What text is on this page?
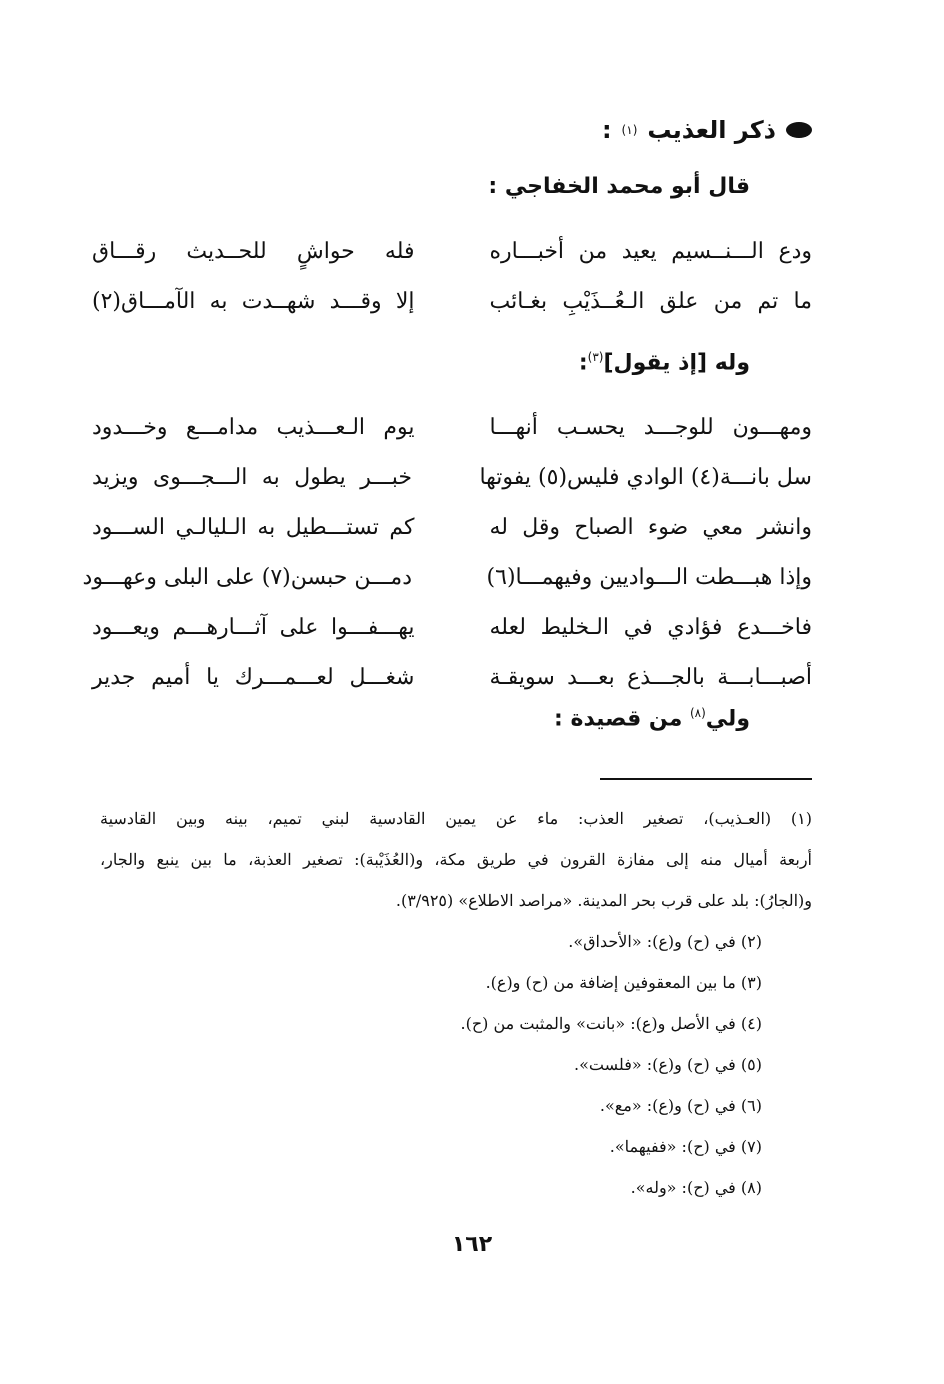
ذكر العذيب
(١)
:
قال أبو محمد الخفاجي :
ودع الـــنــسيم يعيد من أخبـــاره
فله حواشٍ للحــديث رقـــاق
ما تم من علق الـعُــذَيْبِ بغـائب
إلا وقـــد شهــدت به الآمـــاق(٢)
وله [إذ يقول]$^{(٣)}$:
ومهـــون للوجـــد يحسـب أنهـــا
يوم الـعـــذيب مدامـــع وخـــدود
سل بانـــة(٤) الوادي فليس(٥) يفوتها
خبـــر يطول به الـــجـــوى ويزيد
وانشر معي ضوء الصباح وقل له
كم تستـــطيل به الـليالـي الســـود
وإذا هبـــطت الـــواديين وفيهمـــا(٦)
دمـــن حبسن(٧) على البلى وعهـــود
فاخـــدع فؤادي في الـخليط لعله
يهـــفـــوا على آثـــارهـــم ويعـــود
أصبـــابـــة بالجـــذع بعـــد سويقـة
شغـــل لعـــمـــرك يا أميم جدير
ولي$^{(٨)}$ من قصيدة :
(١) (العـذيب)، تصغير العذب: ماء عن يمين القادسية لبني تميم، بينه وبين القادسية
أربعة أميال منه إلى مفازة القرون في طريق مكة، و(العُذَيْبة): تصغير العذبة، ما بين ينبع والجار،
و(الجارُ): بلد على قرب بحر المدينة. «مراصد الاطلاع» (٣/٩٢٥).
(٢) في (ح) و(ع): «الأحداق».
(٣) ما بين المعقوفين إضافة من (ح) و(ع).
(٤) في الأصل و(ع): «بانت» والمثبت من (ح).
(٥) في (ح) و(ع): «فلست».
(٦) في (ح) و(ع): «مع».
(٧) في (ح): «ففيهما».
(٨) في (ح): «وله».
١٦٢
